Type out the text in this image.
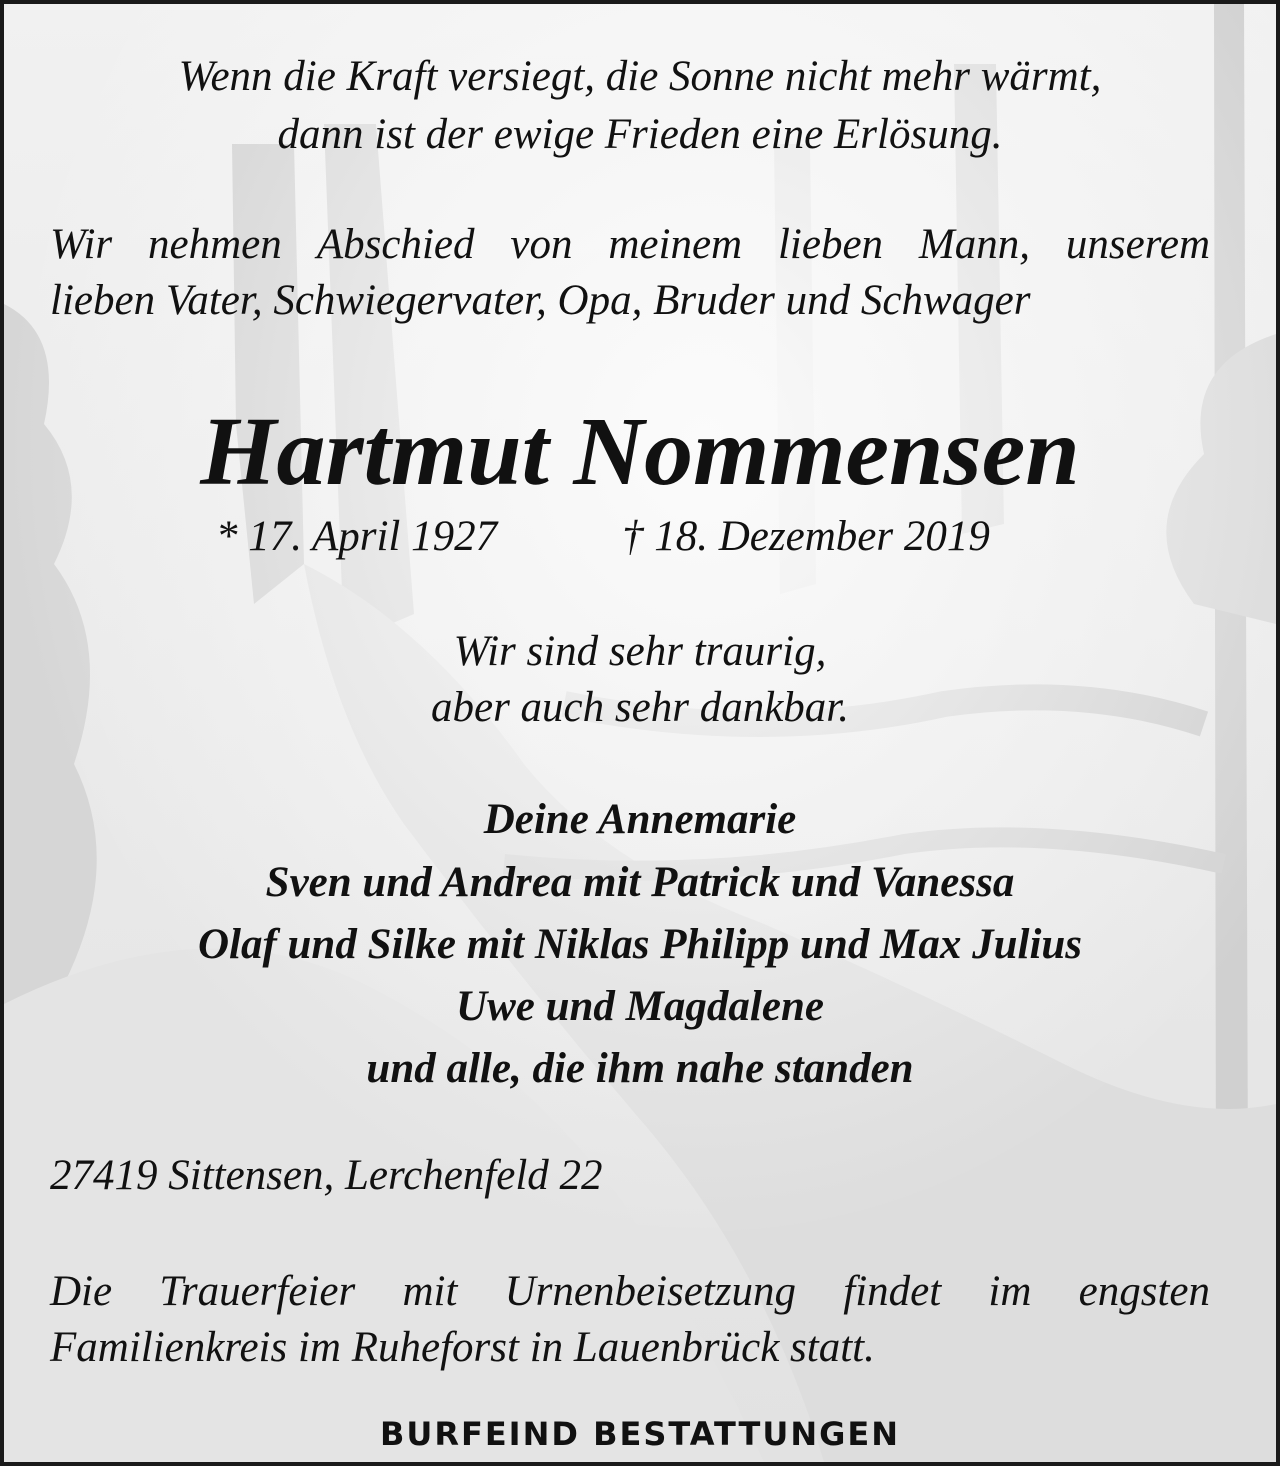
Wenn die Kraft versiegt, die Sonne nicht mehr wärmt,

dann ist der ewige Frieden eine Erlösung.

Wir nehmen Abschied von meinem lieben Mann, unserem

lieben Vater, Schwiegervater, Opa, Bruder und Schwager

Hartmut Nommensen

* 17. April 1927	† 18. Dezember 2019

Wir sind sehr traurig,

aber auch sehr dankbar.

Deine Annemarie

Sven und Andrea mit Patrick und Vanessa

Olaf und Silke mit Niklas Philipp und Max Julius

Uwe und Magdalene

und alle, die ihm nahe standen

27419 Sittensen, Lerchenfeld 22

Die Trauerfeier mit Urnenbeisetzung findet im engsten

Familienkreis im Ruheforst in Lauenbrück statt.

BURFEIND BESTATTUNGEN
